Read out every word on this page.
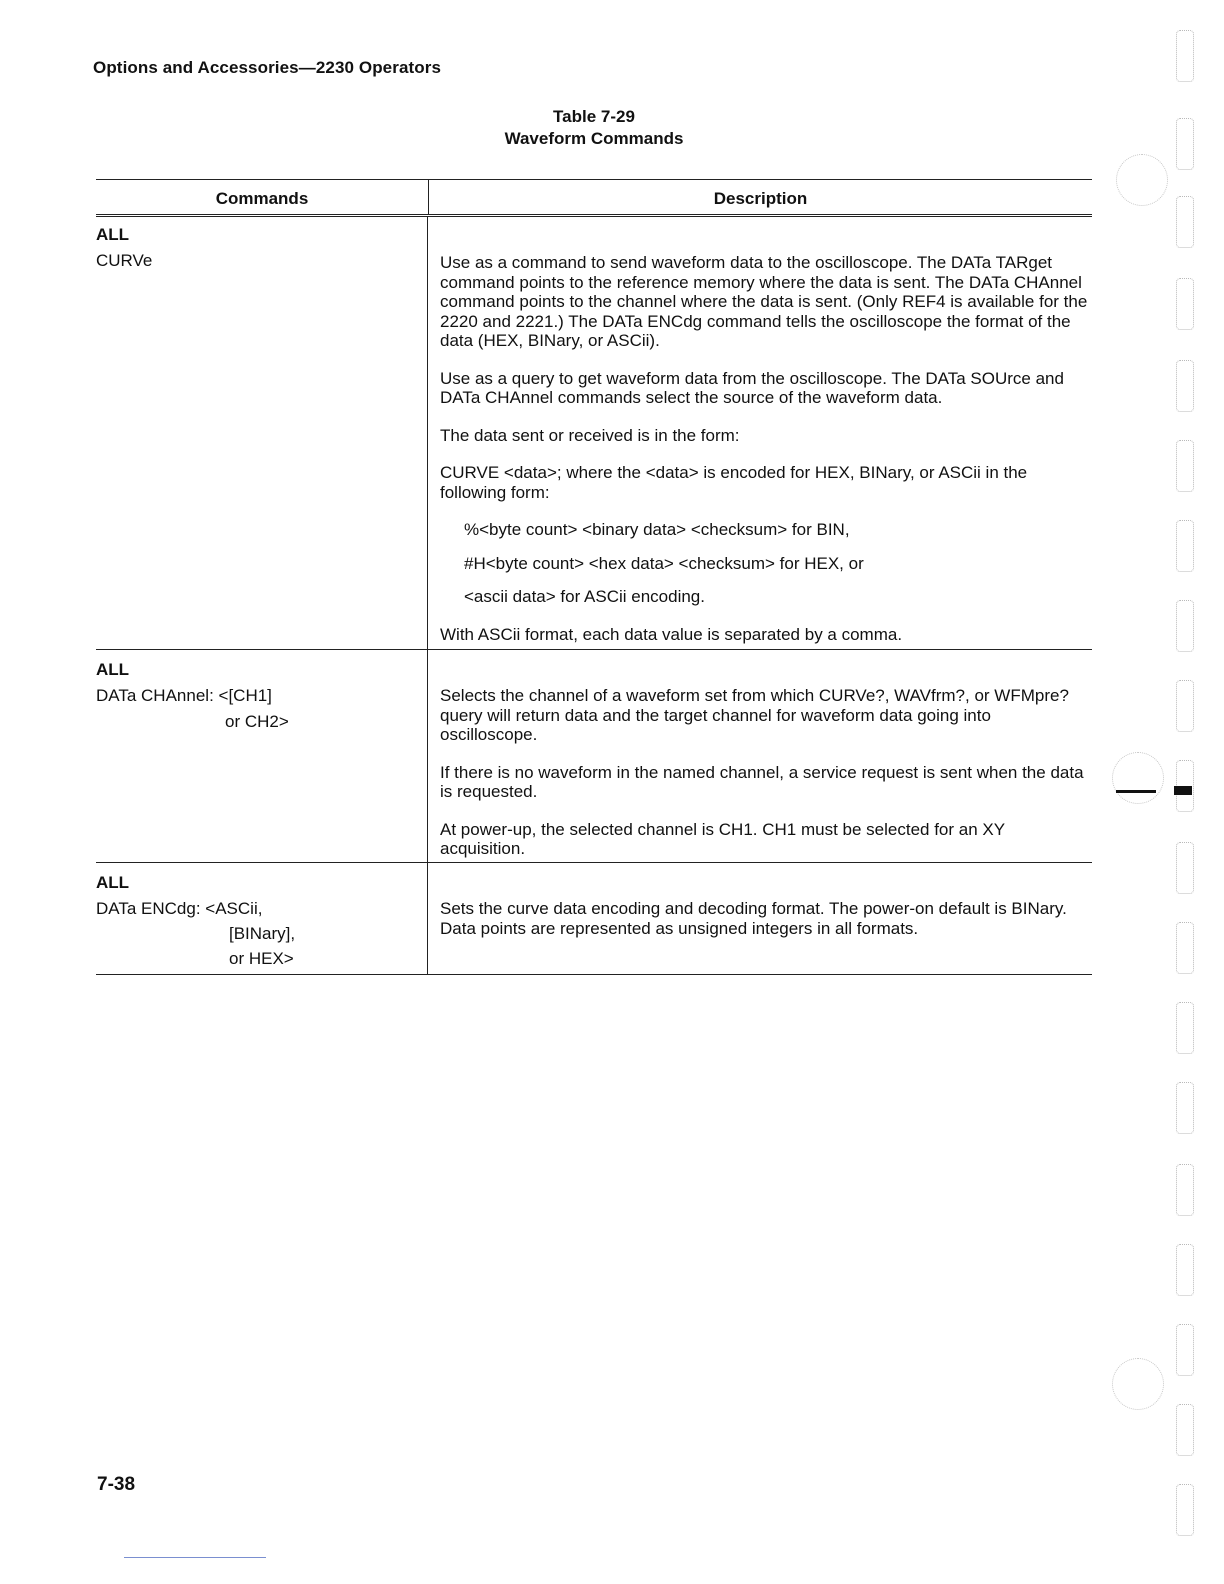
Options and Accessories—2230 Operators
Table 7-29
Waveform Commands
Commands	Description
ALL
CURVe	Use as a command to send waveform data to the oscilloscope. The DATa TARget command points to the reference memory where the data is sent. The DATa CHAnnel command points to the channel where the data is sent. (Only REF4 is available for the 2220 and 2221.) The DATa ENCdg command tells the oscilloscope the format of the data (HEX, BINary, or ASCii).

Use as a query to get waveform data from the oscilloscope. The DATa SOUrce and DATa CHAnnel commands select the source of the waveform data.

The data sent or received is in the form:

CURVE <data>; where the <data> is encoded for HEX, BINary, or ASCii in the following form:

%<byte count> <binary data> <checksum> for BIN,

#H<byte count> <hex data> <checksum> for HEX, or

<ascii data> for ASCii encoding.

With ASCii format, each data value is separated by a comma.

ALL
DATa CHAnnel: <[CH1]
or CH2>

Selects the channel of a waveform set from which CURVe?, WAVfrm?, or WFMpre? query will return data and the target channel for waveform data going into oscilloscope.

If there is no waveform in the named channel, a service request is sent when the data is requested.

At power-up, the selected channel is CH1. CH1 must be selected for an XY acquisition.

ALL
DATa ENCdg: <ASCii,
[BINary],
or HEX>

Sets the curve data encoding and decoding format. The power-on default is BINary. Data points are represented as unsigned integers in all formats.

7-38
